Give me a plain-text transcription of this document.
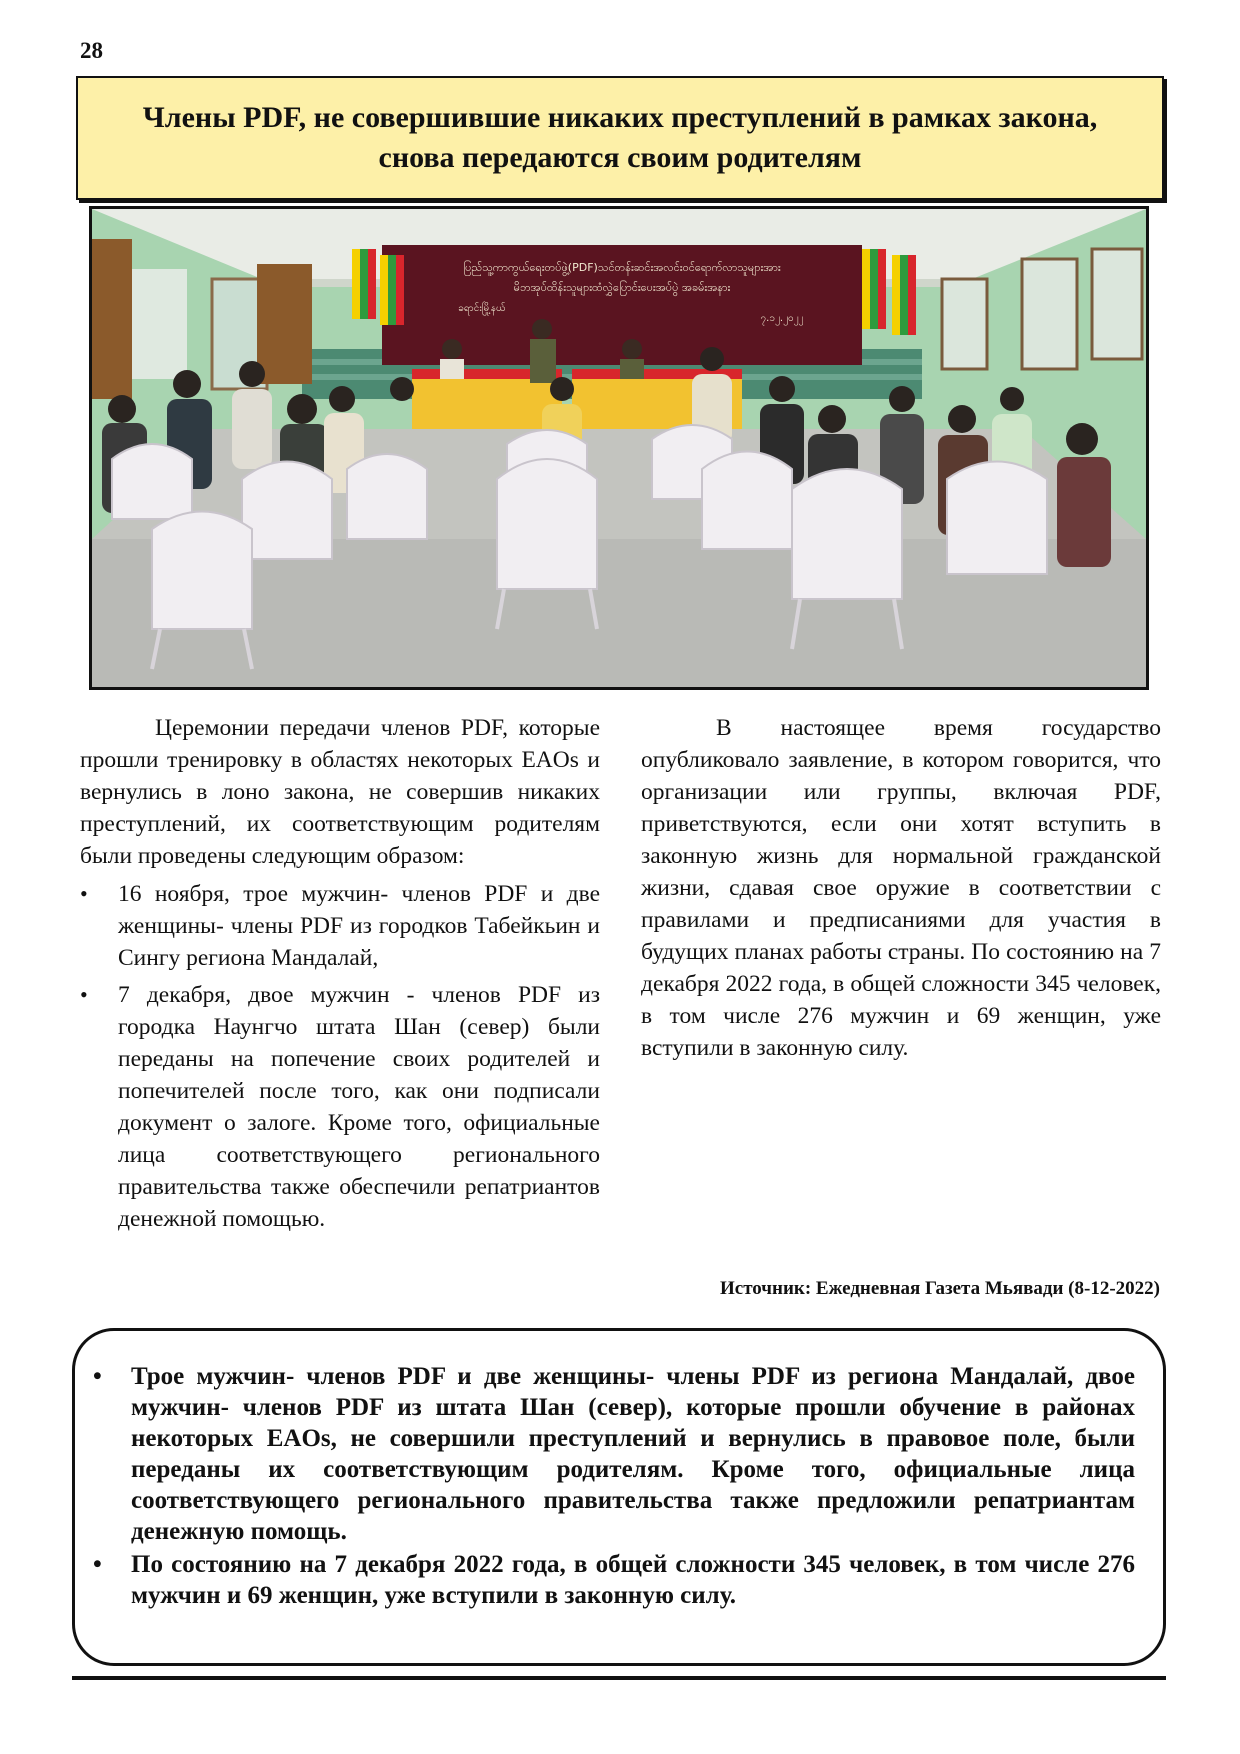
28
Члены PDF, не совершившие никаких преступлений в рамках закона,
снова передаются своим родителям
ပြည်သူ့ကာကွယ်ရေးတပ်ဖွဲ့(PDF)သင်တန်းဆင်းအလင်းဝင်ရောက်လာသူများအား
မိဘအုပ်ထိန်းသူများထံလွှဲပြောင်းပေးအပ်ပွဲ အခမ်းအနား
ခရာင်းမြို့နယ်
၇.၁၂.၂၀၂၂

Церемонии передачи членов PDF, которые прошли тренировку в областях некоторых EAOs и вернулись в лоно закона, не совершив никаких преступлений, их соответствующим родителям были проведены следующим образом:

• 16 ноября, трое мужчин- членов PDF и две женщины- члены PDF из городков Табейкьин и Сингу региона Мандалай,
• 7 декабря, двое мужчин - членов PDF из городка Наунгчо штата Шан (север) были переданы на попечение своих родителей и попечителей после того, как они подписали документ о залоге. Кроме того, официальные лица соответствующего регионального правительства также обеспечили репатриантов денежной помощью.

В настоящее время государство опубликовало заявление, в котором говорится, что организации или группы, включая PDF, приветствуются, если они хотят вступить в законную жизнь для нормальной гражданской жизни, сдавая свое оружие в соответствии с правилами и предписаниями для участия в будущих планах работы страны. По состоянию на 7 декабря 2022 года, в общей сложности 345 человек, в том числе 276 мужчин и 69 женщин, уже вступили в законную силу.

Источник: Ежедневная Газета Мьявади (8-12-2022)
• Трое мужчин- членов PDF и две женщины- члены PDF из региона Мандалай, двое мужчин- членов PDF из штата Шан (север), которые прошли обучение в районах некоторых EAOs, не совершили преступлений и вернулись в правовое поле, были переданы их соответствующим родителям. Кроме того, официальные лица соответствующего регионального правительства также предложили репатриантам денежную помощь.
• По состоянию на 7 декабря 2022 года, в общей сложности 345 человек, в том числе 276 мужчин и 69 женщин, уже вступили в законную силу.
